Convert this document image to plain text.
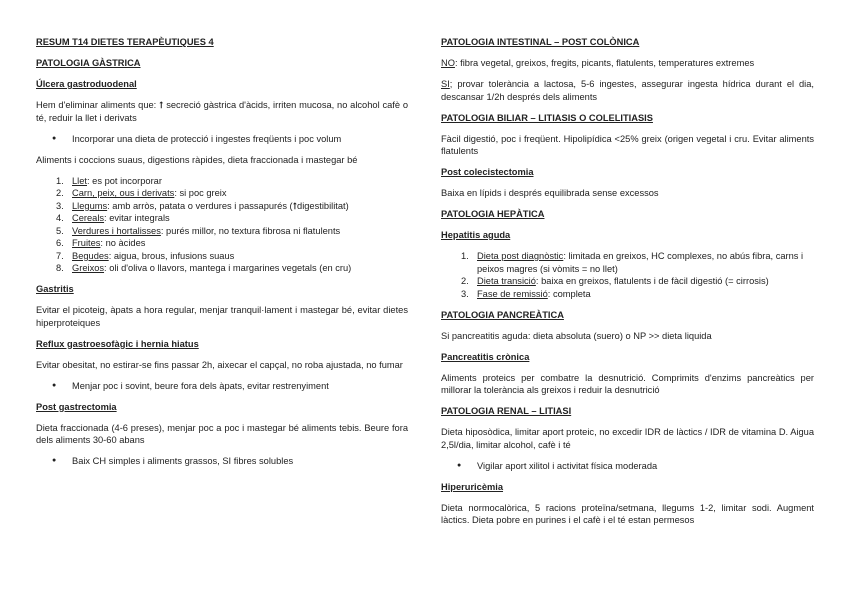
RESUM T14 DIETES TERAPÈUTIQUES 4
PATOLOGIA GÀSTRICA
Úlcera gastroduodenal

Hem d'eliminar aliments que: ⭡ secreció gàstrica d'àcids, irriten mucosa, no alcohol cafè o té, reduir la llet i derivats

● Incorporar una dieta de protecció i ingestes freqüents i poc volum

Aliments i coccions suaus, digestions ràpides, dieta fraccionada i mastegar bé

1. Llet: es pot incorporar
2. Carn, peix, ous i derivats: si poc greix
3. Llegums: amb arròs, patata o verdures i passapurés (⭡digestibilitat)
4. Cereals: evitar integrals
5. Verdures i hortalisses: purés millor, no textura fibrosa ni flatulents
6. Fruites: no àcides
7. Begudes: aigua, brous, infusions suaus
8. Greixos: oli d'oliva o llavors, mantega i margarines vegetals (en cru)
Gastritis

Evitar el picoteig, àpats a hora regular, menjar tranquil·lament i mastegar bé, evitar dietes hiperproteiques

Reflux gastroesofàgic i hernia hiatus

Evitar obesitat, no estirar-se fins passar 2h, aixecar el capçal, no roba ajustada, no fumar

● Menjar poc i sovint, beure fora dels àpats, evitar restrenyiment
Post gastrectomia

Dieta fraccionada (4-6 preses), menjar poc a poc i mastegar bé aliments tebis. Beure fora dels aliments 30-60 abans

● Baix CH simples i aliments grassos, SI fibres solubles
PATOLOGIA INTESTINAL – POST COLÒNICA

NO: fibra vegetal, greixos, fregits, picants, flatulents, temperatures extremes

SI; provar tolerància a lactosa, 5-6 ingestes, assegurar ingesta hídrica durant el dia, descansar 1/2h després dels aliments

PATOLOGIA BILIAR – LITIASIS O COLELITIASIS

Fàcil digestió, poc i freqüent. Hipolipídica <25% greix (origen vegetal i cru. Evitar aliments flatulents

Post colecistectomia

Baixa en lípids i després equilibrada sense excessos

PATOLOGIA HEPÀTICA
Hepatitis aguda
1. Dieta post diagnòstic: limitada en greixos, HC complexes, no abús fibra, carns i peixos magres (si vòmits = no llet)
2. Dieta transició: baixa en greixos, flatulents i de fàcil digestió (= cirrosis)
3. Fase de remissió: completa
PATOLOGIA PANCREÀTICA

Si pancreatitis aguda: dieta absoluta (suero) o NP >> dieta liquida

Pancreatitis crònica

Aliments proteics per combatre la desnutrició. Comprimits d'enzims pancreàtics per millorar la tolerància als greixos i reduir la desnutrició

PATOLOGIA RENAL – LITIASI

Dieta hiposòdica, limitar aport proteic, no excedir IDR de làctics / IDR de vitamina D. Aigua 2,5l/dia, limitar alcohol, cafè i té

● Vigilar aport xilitol i activitat física moderada
Hiperuricèmia

Dieta normocalòrica, 5 racions proteïna/setmana, llegums 1-2, limitar sodi. Augment làctics. Dieta pobre en purines i el cafè i el té estan permesos
